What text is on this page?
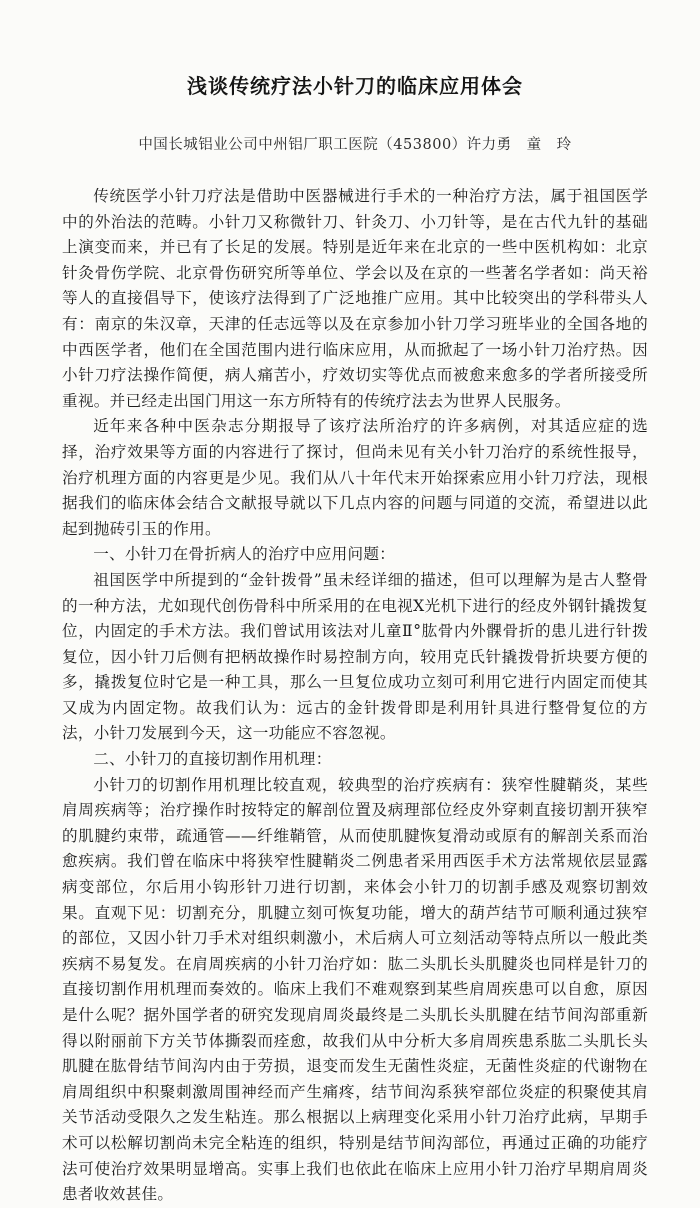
浅谈传统疗法小针刀的临床应用体会
中国长城铝业公司中州铝厂职工医院（453800）许力勇　童　玲

传统医学小针刀疗法是借助中医器械进行手术的一种治疗方法，属于祖国医学中的外治法的范畴。小针刀又称微针刀、针灸刀、小刀针等，是在古代九针的基础上演变而来，并已有了长足的发展。特别是近年来在北京的一些中医机构如：北京针灸骨伤学院、北京骨伤研究所等单位、学会以及在京的一些著名学者如：尚天裕等人的直接倡导下，使该疗法得到了广泛地推广应用。其中比较突出的学科带头人有：南京的朱汉章，天津的任志远等以及在京参加小针刀学习班毕业的全国各地的中西医学者，他们在全国范围内进行临床应用，从而掀起了一场小针刀治疗热。因小针刀疗法操作简便，病人痛苦小，疗效切实等优点而被愈来愈多的学者所接受所重视。并已经走出国门用这一东方所特有的传统疗法去为世界人民服务。

近年来各种中医杂志分期报导了该疗法所治疗的许多病例，对其适应症的选择，治疗效果等方面的内容进行了探讨，但尚未见有关小针刀治疗的系统性报导，治疗机理方面的内容更是少见。我们从八十年代末开始探索应用小针刀疗法，现根据我们的临床体会结合文献报导就以下几点内容的问题与同道的交流，希望进以此起到抛砖引玉的作用。

一、小针刀在骨折病人的治疗中应用问题：

祖国医学中所提到的“金针拨骨”虽未经详细的描述，但可以理解为是古人整骨的一种方法，尤如现代创伤骨科中所采用的在电视X光机下进行的经皮外钢针撬拨复位，内固定的手术方法。我们曾试用该法对儿童Ⅱ°肱骨内外髁骨折的患儿进行针拨复位，因小针刀后侧有把柄故操作时易控制方向，较用克氏针撬拨骨折块要方便的多，撬拨复位时它是一种工具，那么一旦复位成功立刻可利用它进行内固定而使其又成为内固定物。故我们认为：远古的金针拨骨即是利用针具进行整骨复位的方法，小针刀发展到今天，这一功能应不容忽视。

二、小针刀的直接切割作用机理：

小针刀的切割作用机理比较直观，较典型的治疗疾病有：狭窄性腱鞘炎，某些肩周疾病等；治疗操作时按特定的解剖位置及病理部位经皮外穿刺直接切割开狭窄的肌腱约束带，疏通管——纤维鞘管，从而使肌腱恢复滑动或原有的解剖关系而治愈疾病。我们曾在临床中将狭窄性腱鞘炎二例患者采用西医手术方法常规依层显露病变部位，尔后用小钩形针刀进行切割，来体会小针刀的切割手感及观察切割效果。直观下见：切割充分，肌腱立刻可恢复功能，增大的葫芦结节可顺利通过狭窄的部位，又因小针刀手术对组织刺激小，术后病人可立刻活动等特点所以一般此类疾病不易复发。在肩周疾病的小针刀治疗如：肱二头肌长头肌腱炎也同样是针刀的直接切割作用机理而奏效的。临床上我们不难观察到某些肩周疾患可以自愈，原因是什么呢？据外国学者的研究发现肩周炎最终是二头肌长头肌腱在结节间沟部重新得以附丽前下方关节体撕裂而痊愈，故我们从中分析大多肩周疾患系肱二头肌长头肌腱在肱骨结节间沟内由于劳损，退变而发生无菌性炎症，无菌性炎症的代谢物在肩周组织中积聚刺激周围神经而产生痛疼，结节间沟系狭窄部位炎症的积聚使其肩关节活动受限久之发生粘连。那么根据以上病理变化采用小针刀治疗此病，早期手术可以松解切割尚未完全粘连的组织，特别是结节间沟部位，再通过正确的功能疗法可使治疗效果明显增高。实事上我们也依此在临床上应用小针刀治疗早期肩周炎患者收效甚佳。
